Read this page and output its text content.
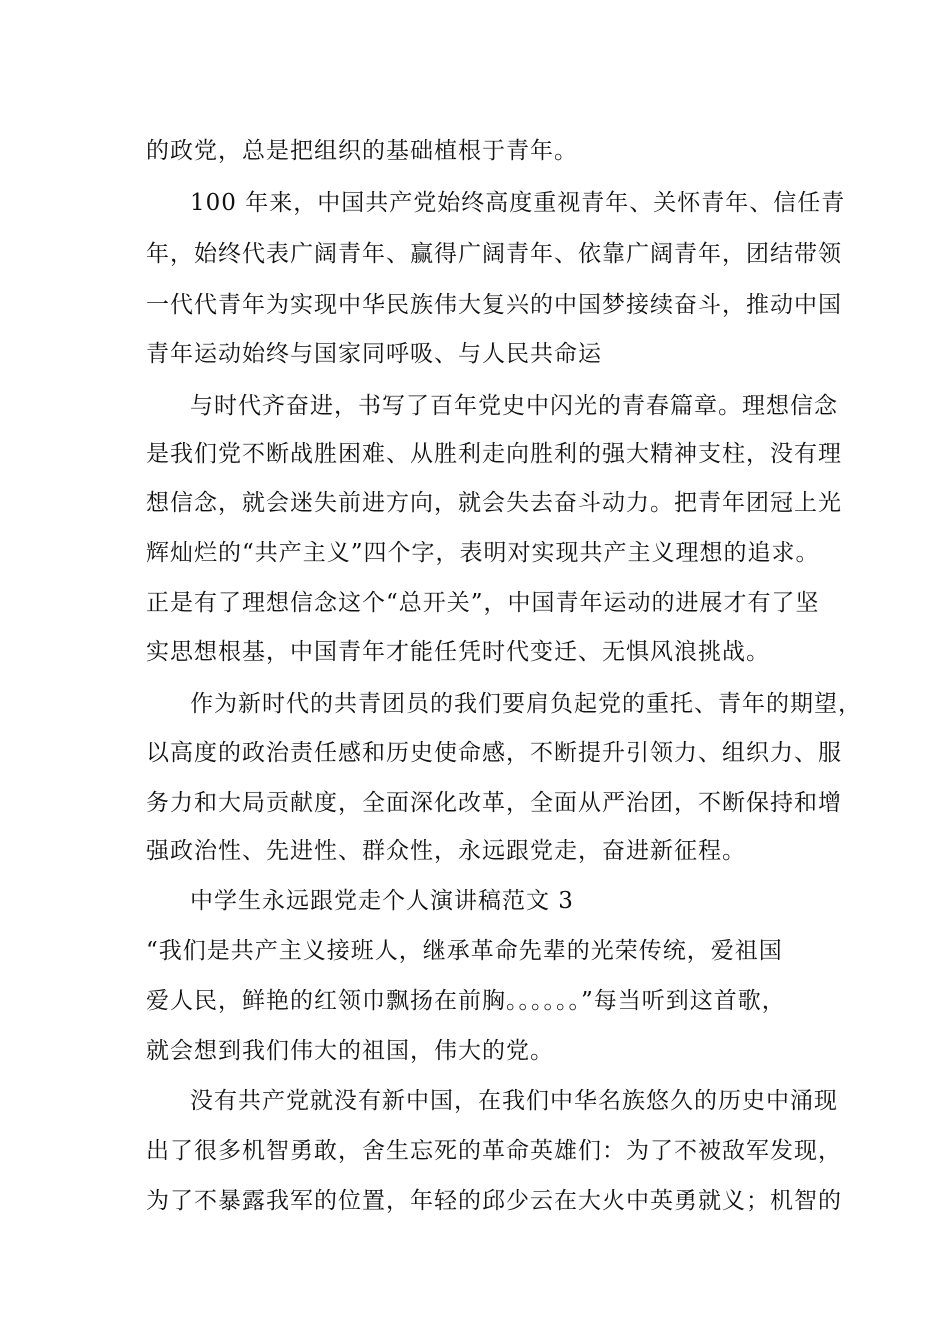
的政党，总是把组织的基础植根于青年。
100 年来，中国共产党始终高度重视青年、关怀青年、信任青
年，始终代表广阔青年、赢得广阔青年、依靠广阔青年，团结带领
一代代青年为实现中华民族伟大复兴的中国梦接续奋斗，推动中国
青年运动始终与国家同呼吸、与人民共命运
与时代齐奋进，书写了百年党史中闪光的青春篇章。理想信念
是我们党不断战胜困难、从胜利走向胜利的强大精神支柱，没有理
想信念，就会迷失前进方向，就会失去奋斗动力。把青年团冠上光
辉灿烂的“共产主义”四个字，表明对实现共产主义理想的追求。
正是有了理想信念这个“总开关”，中国青年运动的进展才有了坚
实思想根基，中国青年才能任凭时代变迁、无惧风浪挑战。
作为新时代的共青团员的我们要肩负起党的重托、青年的期望，
以高度的政治责任感和历史使命感，不断提升引领力、组织力、服
务力和大局贡献度，全面深化改革，全面从严治团，不断保持和增
强政治性、先进性、群众性，永远跟党走，奋进新征程。
中学生永远跟党走个人演讲稿范文 3
“我们是共产主义接班人，继承革命先辈的光荣传统，爱祖国
爱人民，鲜艳的红领巾飘扬在前胸。。。。。。”每当听到这首歌，
就会想到我们伟大的祖国，伟大的党。
没有共产党就没有新中国，在我们中华名族悠久的历史中涌现
出了很多机智勇敢，舍生忘死的革命英雄们：为了不被敌军发现，
为了不暴露我军的位置，年轻的邱少云在大火中英勇就义；机智的
